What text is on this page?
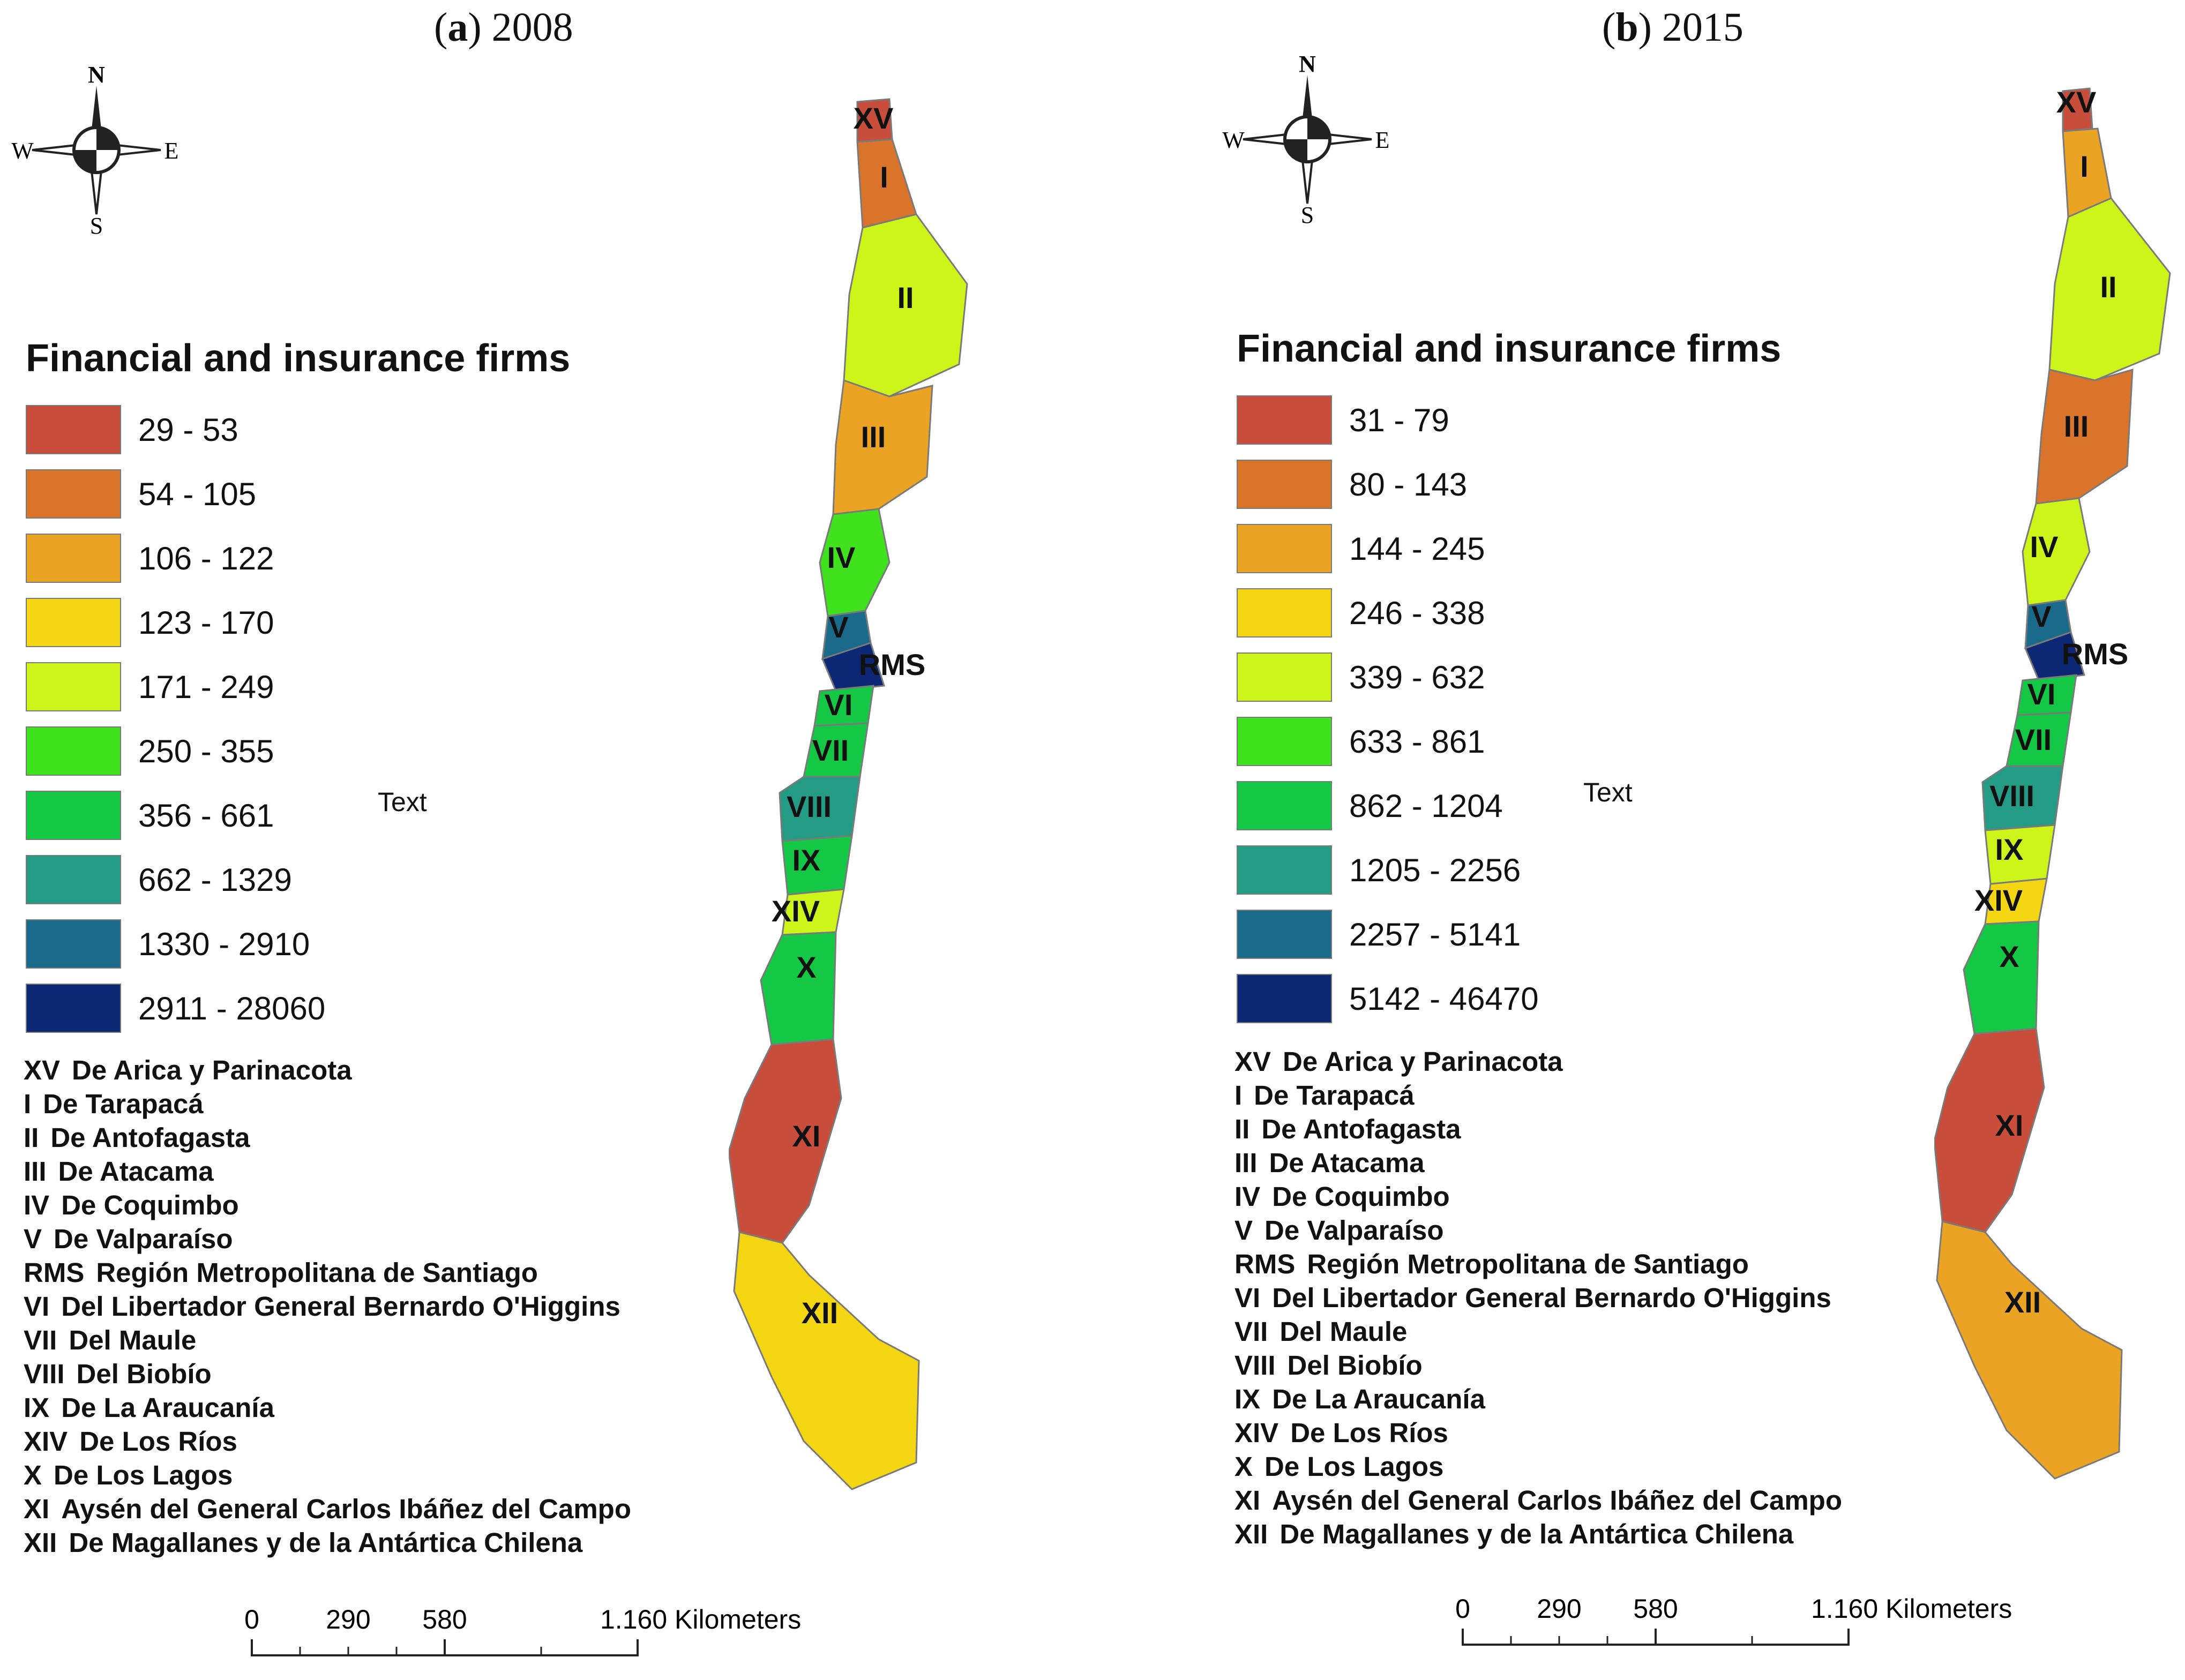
(a) 2008
N
S
E
W
Financial and insurance firms
29 - 53
54 - 105
106 - 122
123 - 170
171 - 249
250 - 355
356 - 661
662 - 1329
1330 - 2910
2911 - 28060
Text
XV De Arica y Parinacota
I De Tarapacá
II De Antofagasta
III De Atacama
IV De Coquimbo
V De Valparaíso
RMS Región Metropolitana de Santiago
VI Del Libertador General Bernardo O'Higgins
VII Del Maule
VIII Del Biobío
IX De La Araucanía
XIV De Los Ríos
X De Los Lagos
XI Aysén del General Carlos Ibáñez del Campo
XII De Magallanes y de la Antártica Chilena
0 290 580	1.160 Kilometers
XV
I
II
III
IV
V
RMS
VI
VII
VIII
IX
XIV
X
XI
XII
(b) 2015
N
S
E
W
Financial and insurance firms
31 - 79
80 - 143
144 - 245
246 - 338
339 - 632
633 - 861
862 - 1204
1205 - 2256
2257 - 5141
5142 - 46470
Text
XV De Arica y Parinacota
I De Tarapacá
II De Antofagasta
III De Atacama
IV De Coquimbo
V De Valparaíso
RMS Región Metropolitana de Santiago
VI Del Libertador General Bernardo O'Higgins
VII Del Maule
VIII Del Biobío
IX De La Araucanía
XIV De Los Ríos
X De Los Lagos
XI Aysén del General Carlos Ibáñez del Campo
XII De Magallanes y de la Antártica Chilena
0 290 580	1.160 Kilometers
XV
I
II
III
IV
V
RMS
VI
VII
VIII
IX
XIV
X
XI
XII
